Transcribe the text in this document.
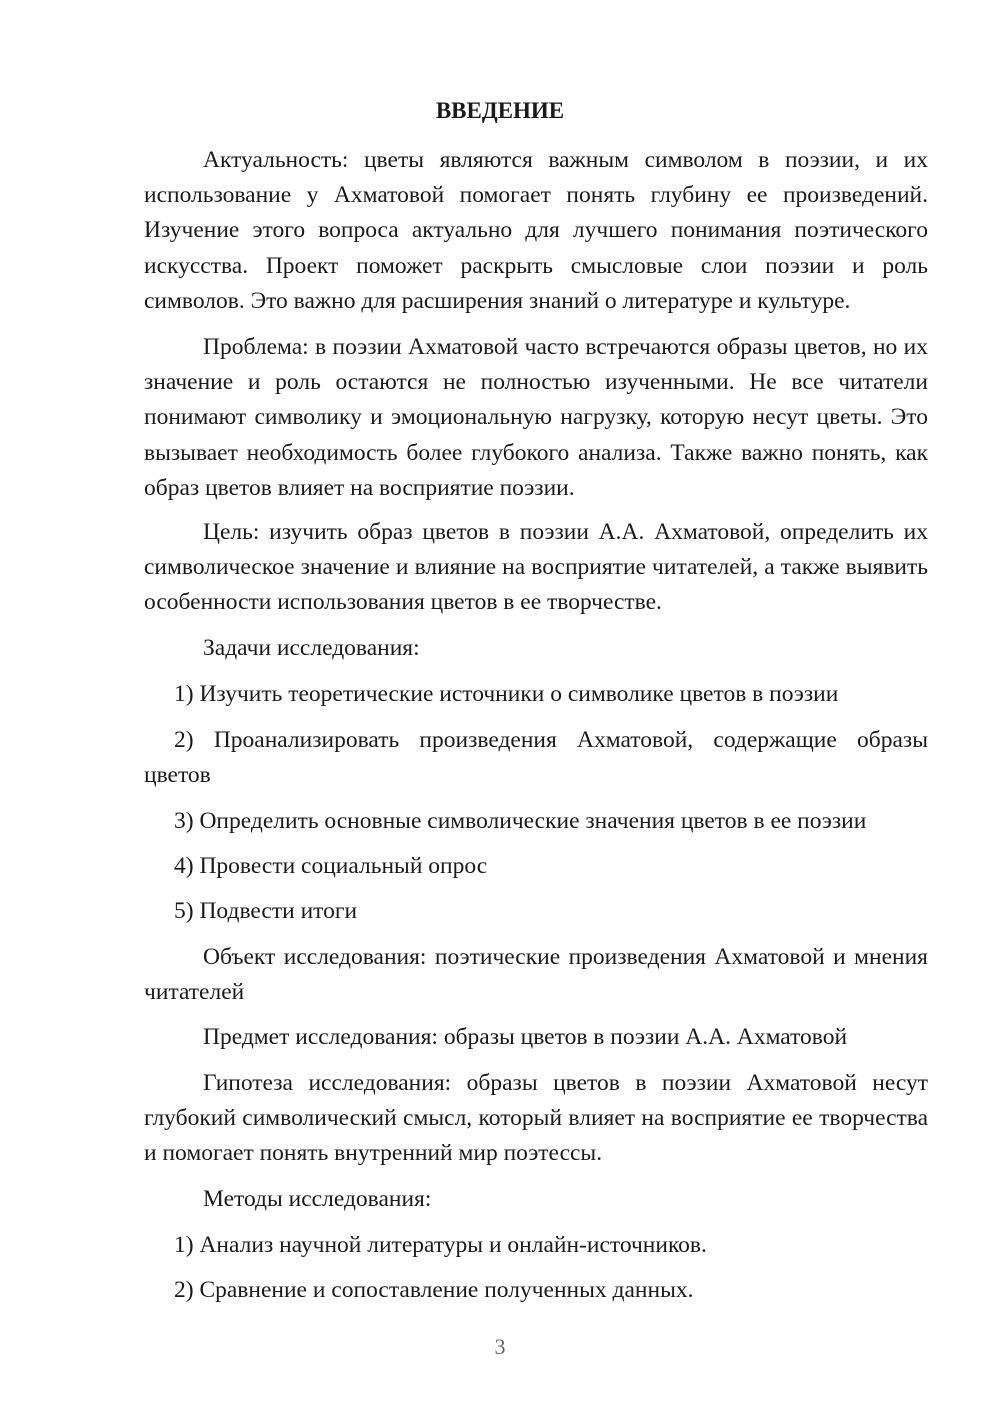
ВВЕДЕНИЕ
Актуальность: цветы являются важным символом в поэзии, и их использование у Ахматовой помогает понять глубину ее произведений. Изучение этого вопроса актуально для лучшего понимания поэтического искусства. Проект поможет раскрыть смысловые слои поэзии и роль символов. Это важно для расширения знаний о литературе и культуре.
Проблема: в поэзии Ахматовой часто встречаются образы цветов, но их значение и роль остаются не полностью изученными. Не все читатели понимают символику и эмоциональную нагрузку, которую несут цветы. Это вызывает необходимость более глубокого анализа. Также важно понять, как образ цветов влияет на восприятие поэзии.
Цель: изучить образ цветов в поэзии А.А. Ахматовой, определить их символическое значение и влияние на восприятие читателей, а также выявить особенности использования цветов в ее творчестве.
Задачи исследования:
1) Изучить теоретические источники о символике цветов в поэзии
2) Проанализировать произведения Ахматовой, содержащие образы цветов
3) Определить основные символические значения цветов в ее поэзии
4) Провести социальный опрос
5) Подвести итоги
Объект исследования: поэтические произведения Ахматовой и мнения читателей
Предмет исследования: образы цветов в поэзии А.А. Ахматовой
Гипотеза исследования: образы цветов в поэзии Ахматовой несут глубокий символический смысл, который влияет на восприятие ее творчества и помогает понять внутренний мир поэтессы.
Методы исследования:
1) Анализ научной литературы и онлайн-источников.
2) Сравнение и сопоставление полученных данных.
3
